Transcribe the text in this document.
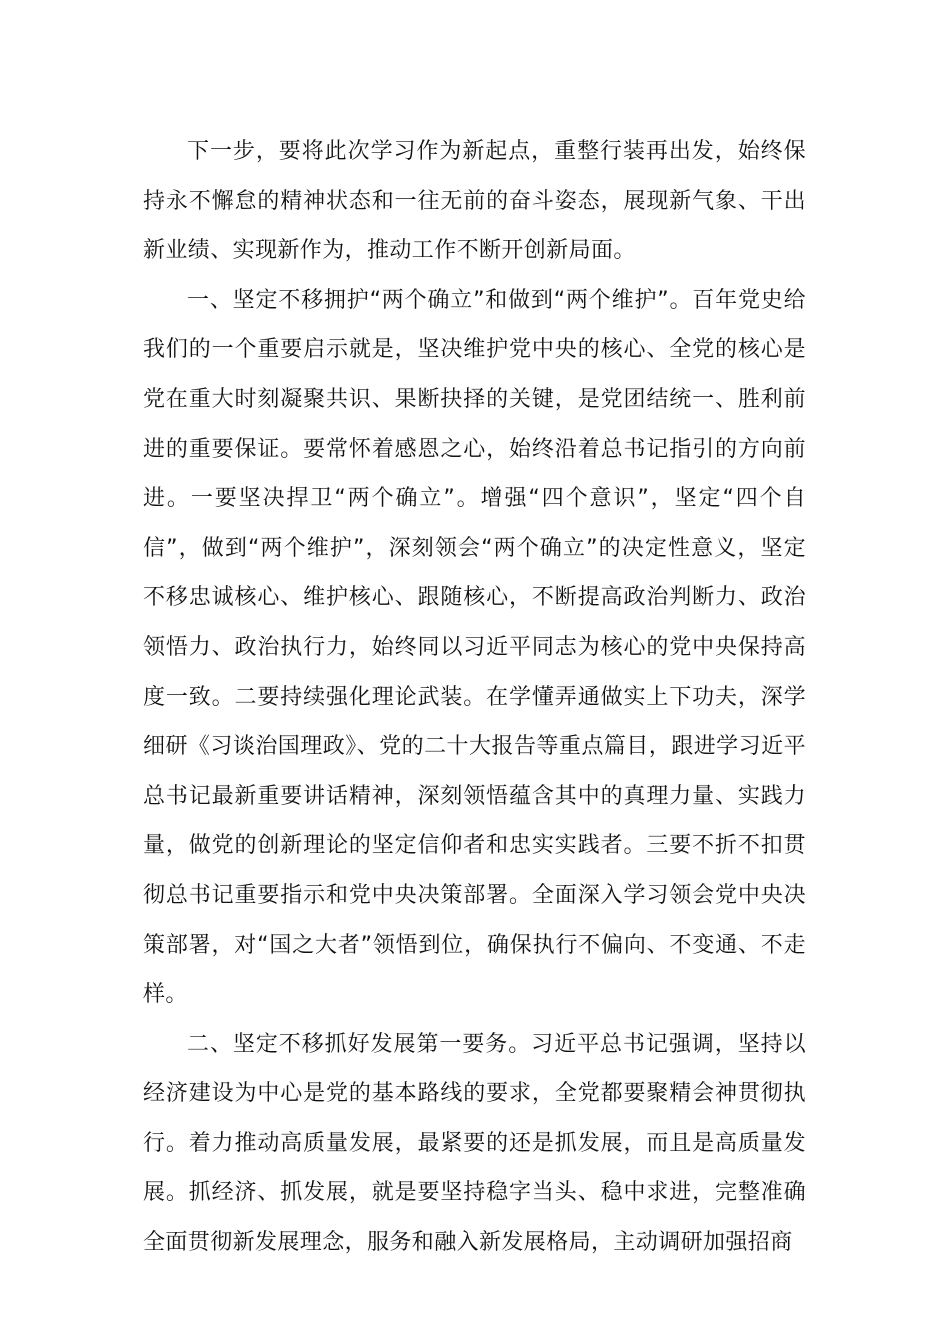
下一步，要将此次学习作为新起点，重整行装再出发，始终保持永不懈怠的精神状态和一往无前的奋斗姿态，展现新气象、干出新业绩、实现新作为，推动工作不断开创新局面。

一、坚定不移拥护“两个确立”和做到“两个维护”。百年党史给我们的一个重要启示就是，坚决维护党中央的核心、全党的核心是党在重大时刻凝聚共识、果断抉择的关键，是党团结统一、胜利前进的重要保证。要常怀着感恩之心，始终沿着总书记指引的方向前进。一要坚决捍卫“两个确立”。增强“四个意识”，坚定“四个自信”，做到“两个维护”，深刻领会“两个确立”的决定性意义，坚定不移忠诚核心、维护核心、跟随核心，不断提高政治判断力、政治领悟力、政治执行力，始终同以习近平同志为核心的党中央保持高度一致。二要持续强化理论武装。在学懂弄通做实上下功夫，深学细研《习谈治国理政》、党的二十大报告等重点篇目，跟进学习近平总书记最新重要讲话精神，深刻领悟蕴含其中的真理力量、实践力量，做党的创新理论的坚定信仰者和忠实实践者。三要不折不扣贯彻总书记重要指示和党中央决策部署。全面深入学习领会党中央决策部署，对“国之大者”领悟到位，确保执行不偏向、不变通、不走样。

二、坚定不移抓好发展第一要务。习近平总书记强调，坚持以经济建设为中心是党的基本路线的要求，全党都要聚精会神贯彻执行。着力推动高质量发展，最紧要的还是抓发展，而且是高质量发展。抓经济、抓发展，就是要坚持稳字当头、稳中求进，完整准确全面贯彻新发展理念，服务和融入新发展格局，主动调研加强招商
